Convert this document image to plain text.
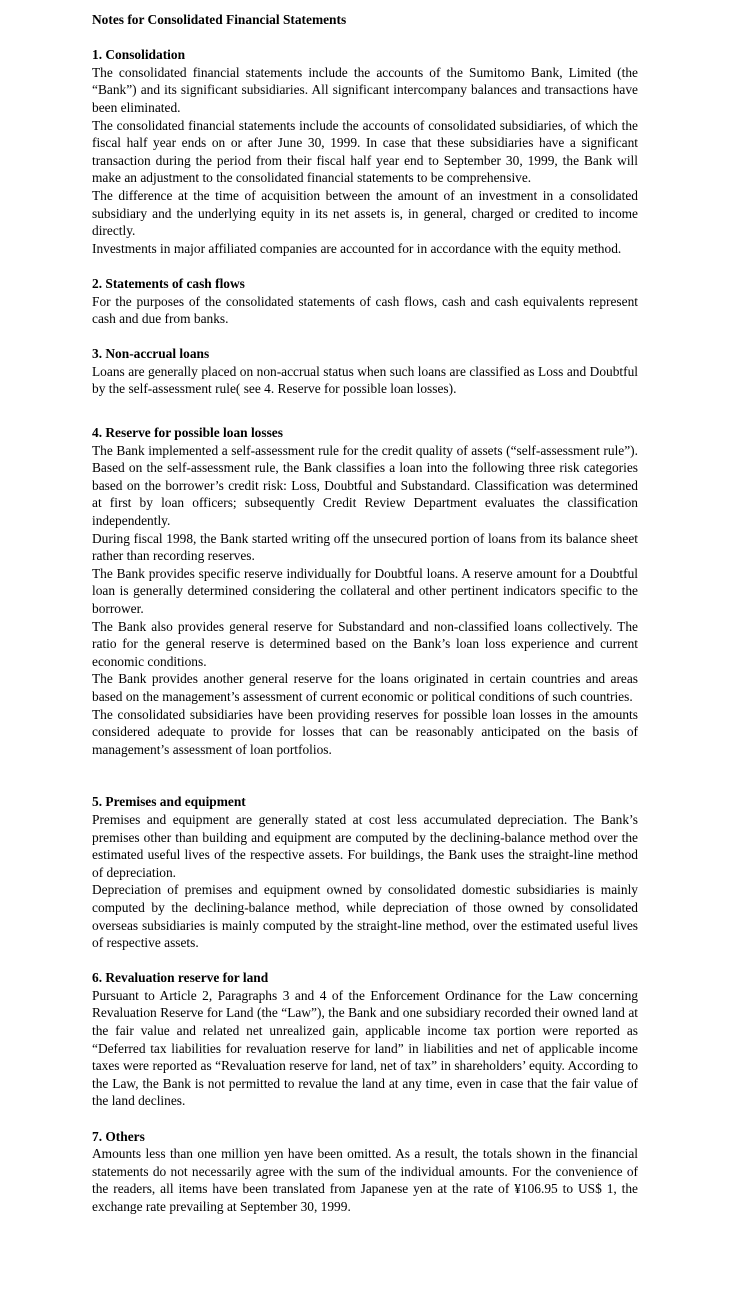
Notes for Consolidated Financial Statements
1. Consolidation

The consolidated financial statements include the accounts of the Sumitomo Bank, Limited (the “Bank”) and its significant subsidiaries. All significant intercompany balances and transactions have been eliminated.

The consolidated financial statements include the accounts of consolidated subsidiaries, of which the fiscal half year ends on or after June 30, 1999. In case that these subsidiaries have a significant transaction during the period from their fiscal half year end to September 30, 1999, the Bank will make an adjustment to the consolidated financial statements to be comprehensive.

The difference at the time of acquisition between the amount of an investment in a consolidated subsidiary and the underlying equity in its net assets is, in general, charged or credited to income directly.

Investments in major affiliated companies are accounted for in accordance with the equity method.

2. Statements of cash flows

For the purposes of the consolidated statements of cash flows, cash and cash equivalents represent cash and due from banks.

3. Non-accrual loans

Loans are generally placed on non-accrual status when such loans are classified as Loss and Doubtful by the self-assessment rule( see 4. Reserve for possible loan losses).

4. Reserve for possible loan losses

The Bank implemented a self-assessment rule for the credit quality of assets (“self-assessment rule”). Based on the self-assessment rule, the Bank classifies a loan into the following three risk categories based on the borrower’s credit risk: Loss, Doubtful and Substandard. Classification was determined at first by loan officers; subsequently Credit Review Department evaluates the classification independently.

During fiscal 1998, the Bank started writing off the unsecured portion of loans from its balance sheet rather than recording reserves.

The Bank provides specific reserve individually for Doubtful loans. A reserve amount for a Doubtful loan is generally determined considering the collateral and other pertinent indicators specific to the borrower.

The Bank also provides general reserve for Substandard and non-classified loans collectively. The ratio for the general reserve is determined based on the Bank’s loan loss experience and current economic conditions.

The Bank provides another general reserve for the loans originated in certain countries and areas based on the management’s assessment of current economic or political conditions of such countries.

The consolidated subsidiaries have been providing reserves for possible loan losses in the amounts considered adequate to provide for losses that can be reasonably anticipated on the basis of management’s assessment of loan portfolios.

5. Premises and equipment

Premises and equipment are generally stated at cost less accumulated depreciation. The Bank’s premises other than building and equipment are computed by the declining-balance method over the estimated useful lives of the respective assets. For buildings, the Bank uses the straight-line method of depreciation.

Depreciation of premises and equipment owned by consolidated domestic subsidiaries is mainly computed by the declining-balance method, while depreciation of those owned by consolidated overseas subsidiaries is mainly computed by the straight-line method, over the estimated useful lives of respective assets.

6. Revaluation reserve for land

Pursuant to Article 2, Paragraphs 3 and 4 of the Enforcement Ordinance for the Law concerning Revaluation Reserve for Land (the “Law”), the Bank and one subsidiary recorded their owned land at the fair value and related net unrealized gain, applicable income tax portion were reported as “Deferred tax liabilities for revaluation reserve for land” in liabilities and net of applicable income taxes were reported as “Revaluation reserve for land, net of tax” in shareholders’ equity. According to the Law, the Bank is not permitted to revalue the land at any time, even in case that the fair value of the land declines.

7. Others

Amounts less than one million yen have been omitted. As a result, the totals shown in the financial statements do not necessarily agree with the sum of the individual amounts. For the convenience of the readers, all items have been translated from Japanese yen at the rate of ¥106.95 to US$ 1, the exchange rate prevailing at September 30, 1999.
